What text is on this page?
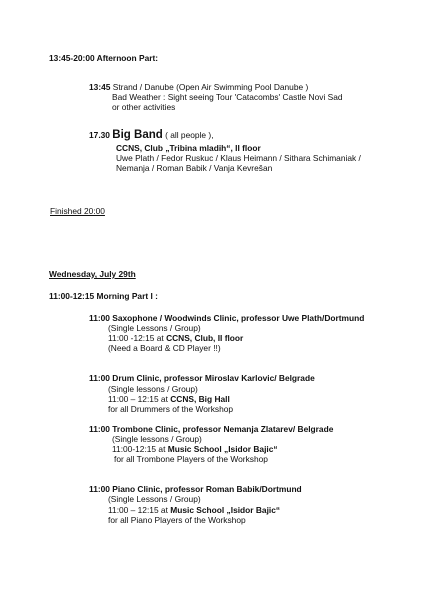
13:45-20:00 Afternoon Part:
13:45 Strand / Danube (Open Air Swimming Pool Danube )
Bad Weather : Sight seeing Tour 'Catacombs' Castle Novi Sad
or other activities
17.30 Big Band ( all people ),
CCNS, Club „Tribina mladih“, II floor
Uwe Plath / Fedor Ruskuc / Klaus Heimann / Sithara Schimaniak /
Nemanja / Roman Babik / Vanja Kevrešan
Finished 20:00
Wednesday, July 29th
11:00-12:15 Morning Part I :
11:00 Saxophone / Woodwinds Clinic, professor Uwe Plath/Dortmund
(Single Lessons / Group)
11:00 -12:15 at CCNS, Club, II floor
(Need a Board & CD Player !!)
11:00 Drum Clinic, professor Miroslav Karlovic/ Belgrade
(Single lessons / Group)
11:00 – 12:15 at CCNS, Big Hall
for all Drummers of the Workshop
11:00 Trombone Clinic, professor Nemanja Zlatarev/ Belgrade
(Single lessons / Group)
11:00-12:15 at Music School „Isidor Bajic“
for all Trombone Players of the Workshop
11:00 Piano Clinic, professor Roman Babik/Dortmund
(Single Lessons / Group)
11:00 – 12:15 at Music School „Isidor Bajic“
for all Piano Players of the Workshop
